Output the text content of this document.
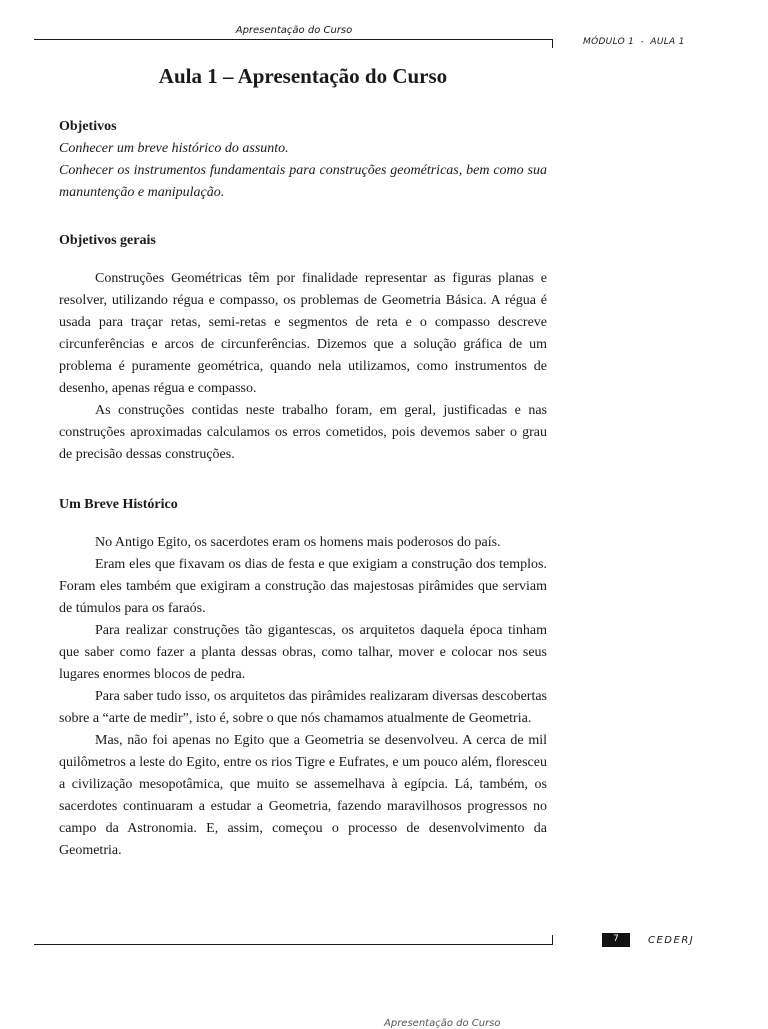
Apresentação do Curso
MÓDULO 1  -  AULA 1
Aula 1 – Apresentação do Curso
Objetivos

Conhecer um breve histórico do assunto.

Conhecer os instrumentos fundamentais para construções geométricas, bem como sua manuntenção e manipulação.

Objetivos gerais

Construções Geométricas têm por finalidade representar as figuras planas e resolver, utilizando régua e compasso, os problemas de Geometria Básica. A régua é usada para traçar retas, semi-retas e segmentos de reta e o compasso descreve circunferências e arcos de circunferências. Dizemos que a solução gráfica de um problema é puramente geométrica, quando nela utilizamos, como instrumentos de desenho, apenas régua e compasso.

As construções contidas neste trabalho foram, em geral, justificadas e nas construções aproximadas calculamos os erros cometidos, pois devemos saber o grau de precisão dessas construções.

Um Breve Histórico

No Antigo Egito, os sacerdotes eram os homens mais poderosos do país.

Eram eles que fixavam os dias de festa e que exigiam a construção dos templos. Foram eles também que exigiram a construção das majestosas pirâmides que serviam de túmulos para os faraós.

Para realizar construções tão gigantescas, os arquitetos daquela época tinham que saber como fazer a planta dessas obras, como talhar, mover e colocar nos seus lugares enormes blocos de pedra.

Para saber tudo isso, os arquitetos das pirâmides realizaram diversas descobertas sobre a “arte de medir”, isto é, sobre o que nós chamamos atualmente de Geometria.

Mas, não foi apenas no Egito que a Geometria se desenvolveu. A cerca de mil quilômetros a leste do Egito, entre os rios Tigre e Eufrates, e um pouco além, floresceu a civilização mesopotâmica, que muito se assemelhava à egípcia. Lá, também, os sacerdotes continuaram a estudar a Geometria, fazendo maravilhosos progressos no campo da Astronomia. E, assim, começou o processo de desenvolvimento da Geometria.

7	CEDERJ
Apresentação do Curso
